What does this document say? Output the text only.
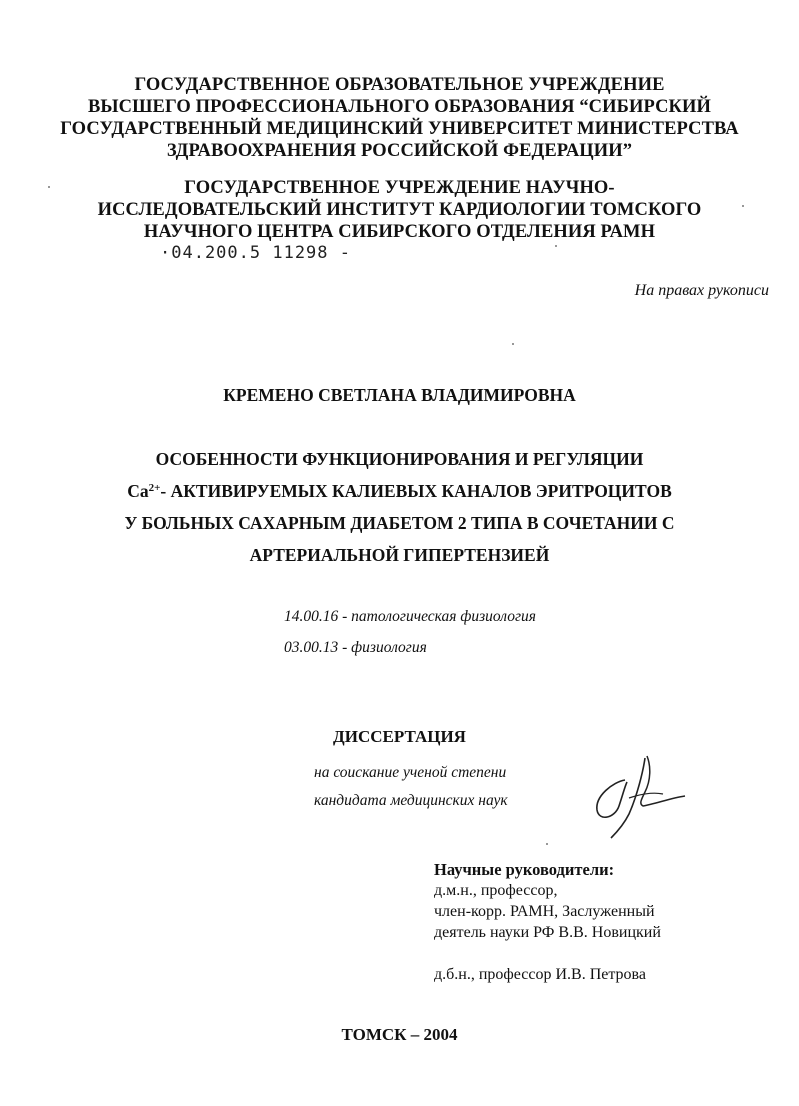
ГОСУДАРСТВЕННОЕ ОБРАЗОВАТЕЛЬНОЕ УЧРЕЖДЕНИЕ
ВЫСШЕГО ПРОФЕССИОНАЛЬНОГО ОБРАЗОВАНИЯ “СИБИРСКИЙ
ГОСУДАРСТВЕННЫЙ МЕДИЦИНСКИЙ УНИВЕРСИТЕТ МИНИСТЕРСТВА
ЗДРАВООХРАНЕНИЯ РОССИЙСКОЙ ФЕДЕРАЦИИ”
ГОСУДАРСТВЕННОЕ УЧРЕЖДЕНИЕ НАУЧНО-
ИССЛЕДОВАТЕЛЬСКИЙ ИНСТИТУТ КАРДИОЛОГИИ ТОМСКОГО
НАУЧНОГО ЦЕНТРА СИБИРСКОГО ОТДЕЛЕНИЯ РАМН
·04.200.5 11298 -
На правах рукописи
КРЕМЕНО СВЕТЛАНА ВЛАДИМИРОВНА
ОСОБЕННОСТИ ФУНКЦИОНИРОВАНИЯ И РЕГУЛЯЦИИ
$Ca^{2+}-$ АКТИВИРУЕМЫХ КАЛИЕВЫХ КАНАЛОВ ЭРИТРОЦИТОВ
У БОЛЬНЫХ САХАРНЫМ ДИАБЕТОМ 2 ТИПА В СОЧЕТАНИИ С
АРТЕРИАЛЬНОЙ ГИПЕРТЕНЗИЕЙ
14.00.16 - патологическая физиология
03.00.13 - физиология
ДИССЕРТАЦИЯ
на соискание ученой степени
кандидата медицинских наук
Научные руководители:
д.м.н., профессор,
член-корр. РАМН, Заслуженный
деятель науки РФ В.В. Новицкий
д.б.н., профессор И.В. Петрова
ТОМСК – 2004
